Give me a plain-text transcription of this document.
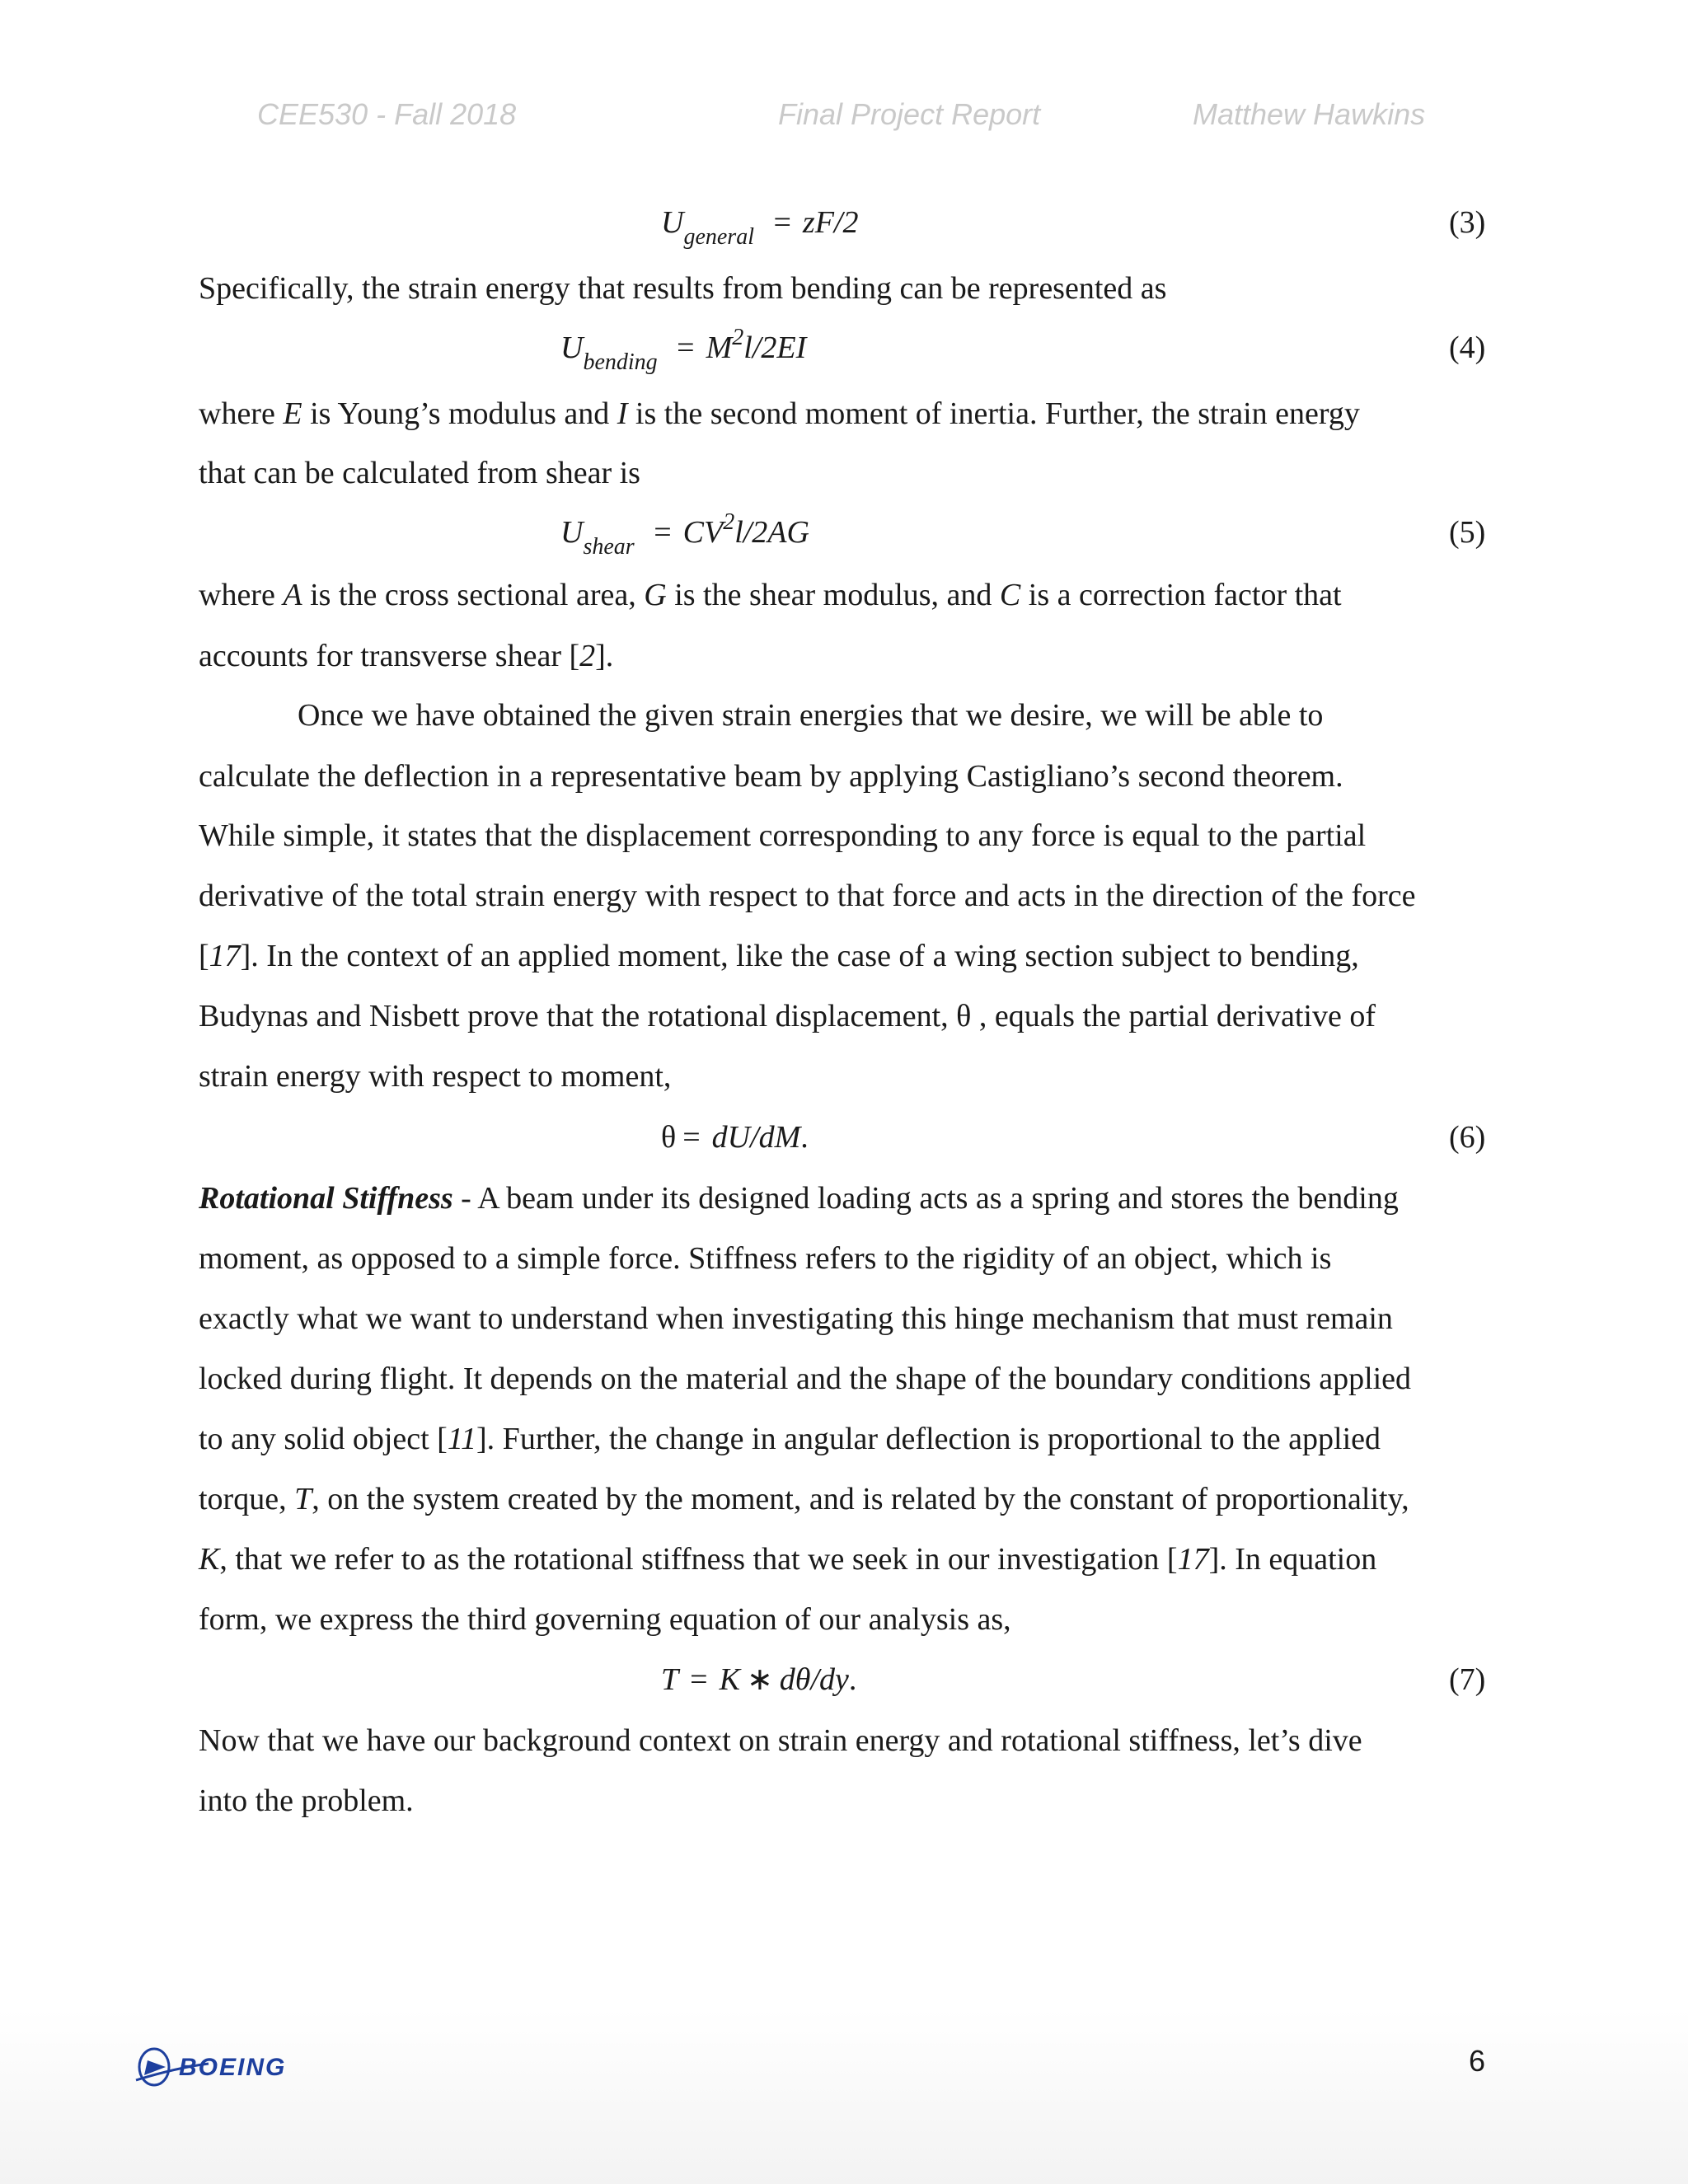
CEE530 - Fall 2018	Final Project Report	Matthew Hawkins
$U_{general} = zF/2$	(3)
Specifically, the strain energy that results from bending can be represented as
$U_{bending} = M^2l/2EI$	(4)
where E is Young’s modulus and I is the second moment of inertia. Further, the strain energy
that can be calculated from shear is
$U_{shear} = CV^2l/2AG$	(5)
where A is the cross sectional area, G is the shear modulus, and C is a correction factor that
accounts for transverse shear [2].
Once we have obtained the given strain energies that we desire, we will be able to
calculate the deflection in a representative beam by applying Castigliano’s second theorem.
While simple, it states that the displacement corresponding to any force is equal to the partial
derivative of the total strain energy with respect to that force and acts in the direction of the force
[17]. In the context of an applied moment, like the case of a wing section subject to bending,
Budynas and Nisbett prove that the rotational displacement, θ , equals the partial derivative of
strain energy with respect to moment,
θ = dU/dM.	(6)
Rotational Stiffness - A beam under its designed loading acts as a spring and stores the bending
moment, as opposed to a simple force. Stiffness refers to the rigidity of an object, which is
exactly what we want to understand when investigating this hinge mechanism that must remain
locked during flight. It depends on the material and the shape of the boundary conditions applied
to any solid object [11]. Further, the change in angular deflection is proportional to the applied
torque, T, on the system created by the moment, and is related by the constant of proportionality,
K, that we refer to as the rotational stiffness that we seek in our investigation [17]. In equation
form, we express the third governing equation of our analysis as,
T = K ∗ dθ/dy.	(7)
Now that we have our background context on strain energy and rotational stiffness, let’s dive
into the problem.
BOEING	6
